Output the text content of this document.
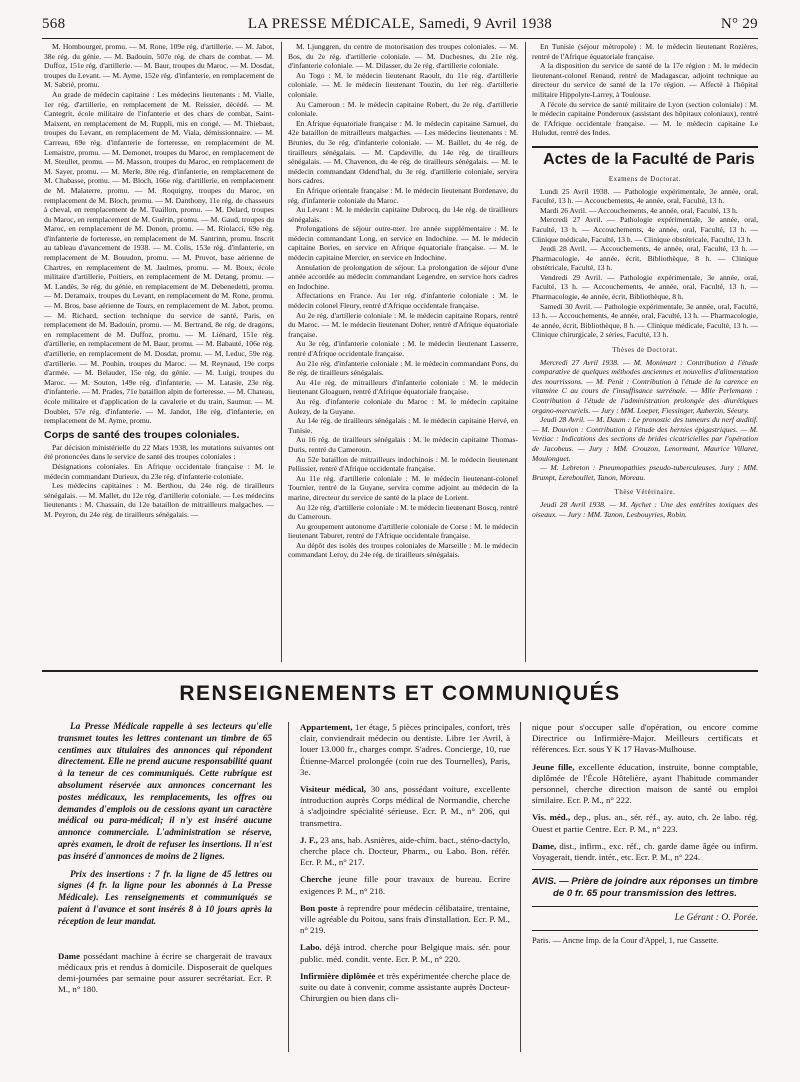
568	LA PRESSE MÉDICALE, Samedi, 9 Avril 1938	N° 29

M. Hombourger, promu. — M. Rone, 109e rég. d'artillerie. — M. Jabot, 38e rég. du génie. — M. Badouin, 507e rég. de chars de combat. — M. Duffoz, 151e rég. d'artillerie. — M. Baur, troupes du Maroc. — M. Dosdat, troupes du Levant. — M. Ayme, 152e rég. d'infanterie, en remplacement de M. Sabrié, promu.

Au grade de médecin capitaine : Les médecins lieutenants : M. Vialle, 1er rég. d'artillerie, en remplacement de M. Reissier, décédé. — M. Cantegrit, école militaire de l'infanterie et des chars de combat, Saint-Maixent, en remplacement de M. Ruppli, mis en congé. — M. Thiebaut, troupes du Levant, en remplacement de M. Viala, démissionnaire. — M. Carreau, 69e rég. d'infanterie de forteresse, en remplacement de M. Lemaistre, promu. — M. Demonet, troupes du Maroc, en remplacement de M. Steullet, promu. — M. Masson, troupes du Maroc, en remplacement de M. Sayer, promu. — M. Merle, 80e rég. d'infanterie, en remplacement de M. Chabasse, promu. — M. Bloch, 166e rég. d'artillerie, en remplacement de M. Malaterre, promu. — M. Roquigny, troupes du Maroc, en remplacement de M. Bloch, promu. — M. Danthony, 11e rég. de chasseurs à cheval, en remplacement de M. Tuaillon, promu. — M. Delard, troupes du Maroc, en remplacement de M. Guérin, promu. — M. Gaud, troupes du Maroc, en remplacement de M. Donon, promu. — M. Riolacci, 69e rég. d'infanterie de forteresse, en remplacement de M. Santrinn, promu. Inscrit au tableau d'avancement de 1938. — M. Colis, 153e rég. d'infanterie, en remplacement de M. Bouudon, promu. — M. Pruvot, base aérienne de Chartres, en remplacement de M. Jaulmes, promu. — M. Boux, école militaire d'artillerie, Poitiers, en remplacement de M. Detang, promu. — M. Landès, 3e rég. du génie, en remplacement de M. Debenedetti, promu. — M. Deramaix, troupes du Levant, en remplacement de M. Rone, promu. — M. Bros, base aérienne de Tours, en remplacement de M. Jabot, promu. — M. Richard, section technique du service de santé, Paris, en remplacement de M. Badouin, promu. — M. Bertrand, 8e rég. de dragons, en remplacement de M. Duffoz, promu. — M. Liénard, 151e rég. d'artillerie, en remplacement de M. Baur, promu. — M. Babauté, 106e rég. d'artillerie, en remplacement de M. Dosdat, promu. — M. Leduc, 59e rég. d'artillerie. — M. Pouhin, troupes du Maroc. — M. Reynaud, 19e corps d'armée. — M. Belauder, 15e rég. du génie. — M. Luigi, troupes du Maroc. — M. Souton, 149e rég. d'infanterie. — M. Latasie, 23e rég. d'infanterie. — M. Prades, 71e bataillon alpin de forteresse. — M. Chateau, école militaire et d'application de la cavalerie et du train, Saumur. — M. Doublet, 57e rég. d'infanterie. — M. Jandot, 18e rég. d'infanterie, en remplacement de M. Ayme, promu.

Corps de santé des troupes coloniales.

Par décision ministérielle du 22 Mars 1938, les mutations suivantes ont été prononcées dans le service de santé des troupes coloniales :

Désignations coloniales. En Afrique occidentale française : M. le médecin commandant Durieux, du 23e rég. d'infanterie coloniale.

Les médecins capitaines : M. Berthou, du 24e rég. de tirailleurs sénégalais. — M. Mallet, du 12e rég. d'artillerie coloniale. — Les médecins lieutenants : M. Chassain, du 12e bataillon de mitrailleurs malgaches. — M. Peyron, du 24e rég. de tirailleurs sénégalais. —

M. Ljunggren, du centre de motorisation des troupes coloniales. — M. Bos, du 2e rég. d'artillerie coloniale. — M. Duchesnes, du 21e rég. d'infanterie coloniale. — M. Dilasser, du 2e rég. d'artillerie coloniale.

Au Togo : M. le médecin lieutenant Raoult, du 11e rég. d'artillerie coloniale. — M. le médecin lieutenant Touzin, du 1er rég. d'artillerie coloniale.

Au Cameroun : M. le médecin capitaine Robert, du 2e rég. d'artillerie coloniale.

En Afrique équatoriale française : M. le médecin capitaine Samuel, du 42e bataillon de mitrailleurs malgaches. — Les médecins lieutenants : M. Brunies, du 3e rég. d'infanterie coloniale. — M. Baillet, du 4e rég. de tirailleurs sénégalais. — M. Capdeville, du 14e rég. de tirailleurs sénégalais. — M. Chavenon, du 4e rég. de tirailleurs sénégalais. — M. le médecin commandant Odend'hal, du 3e rég. d'artillerie coloniale, servira hors cadres.

En Afrique orientale française : M. le médecin lieutenant Bordenave, du rég. d'infanterie coloniale du Maroc.

Au Levant : M. le médecin capitaine Dubrocq, du 14e rég. de tirailleurs sénégalais.

Prolongations de séjour outre-mer. 1re année supplémentaire : M. le médecin commandant Long, en service en Indochine. — M. le médecin capitaine Bories, en service en Afrique équatoriale française. — M. le médecin capitaine Mercier, en service en Indochine.

Annulation de prolongation de séjour. La prolongation de séjour d'une année accordée au médecin commandant Legendre, en service hors cadres en Indochine.

Affectations en France. Au 1er rég. d'infanterie coloniale : M. le médecin colonel Fleury, rentré d'Afrique occidentale française.

Au 2e rég. d'artillerie coloniale : M. le médecin capitaine Ropars, rentré du Maroc. — M. le médecin lieutenant Doher, rentré d'Afrique équatoriale française.

Au 3e rég. d'infanterie coloniale : M. le médecin lieutenant Lasserre, rentré d'Afrique occidentale française.

Au 21e rég. d'infanterie coloniale : M. le médecin commandant Pons, du 8e rég. de tirailleurs sénégalais.

Au 41e rég. de mitrailleurs d'infanterie coloniale : M. le médecin lieutenant Gloaguen, rentré d'Afrique équatoriale française.

Au rég. d'infanterie coloniale du Maroc : M. le médecin capitaine Aulezy, de la Guyane.

Au 14e rég. de tirailleurs sénégalais : M. le médecin capitaine Hervé, en Tunisie.

Au 16 rég. de tirailleurs sénégalais : M. le médecin capitaine Thomas-Duris, rentré du Cameroun.

Au 52e bataillon de mitrailleurs indochinois : M. le médecin lieutenant Pellissier, rentré d'Afrique occidentale française.

Au 11e rég. d'artillerie coloniale : M. le médecin lieutenant-colonel Tournier, rentré de la Guyane, servira comme adjoint au médecin de la marine, directeur du service de santé de la place de Lorient.

Au 12e rég. d'artillerie coloniale : M. le médecin lieutenant Boscq, rentré du Cameroun.

Au groupement autonome d'artillerie coloniale de Corse : M. le médecin lieutenant Taburet, rentré de l'Afrique occidentale française.

Au dépôt des isolés des troupes coloniales de Marseille : M. le médecin commandant Leroy, du 24e rég. de tirailleurs sénégalais.

En Tunisie (séjour métropole) : M. le médecin lieutenant Rozières, rentré de l'Afrique équatoriale française.

A la disposition du service de santé de la 17e région : M. le médecin lieutenant-colonel Renaud, rentré de Madagascar, adjoint technique au directeur du service de santé de la 17e région. — Affecté à l'hôpital militaire Hippolyte-Larrey, à Toulouse.

A l'école du service de santé militaire de Lyon (section coloniale) : M. le médecin capitaine Ponderoux (assistant des hôpitaux coloniaux), rentré de l'Afrique occidentale française. — M. le médecin capitaine Le Huludut, rentré des Indes.

Actes de la Faculté de Paris

Examens de Doctorat.

Lundi 25 Avril 1938. — Pathologie expérimentale, 3e année, oral, Faculté, 13 h. — Accouchements, 4e année, oral, Faculté, 13 h.

Mardi 26 Avril. — Accouchements, 4e année, oral, Faculté, 13 h.

Mercredi 27 Avril. — Pathologie expérimentale, 3e année, oral, Faculté, 13 h. — Accouchements, 4e année, oral, Faculté, 13 h. — Clinique médicale, Faculté, 13 h. — Clinique obstétricale, Faculté, 13 h.

Jeudi 28 Avril. — Accouchements, 4e année, oral, Faculté, 13 h. — Pharmacologie, 4e année, écrit, Bibliothèque, 8 h. — Clinique obstétricale, Faculté, 13 h.

Vendredi 29 Avril. — Pathologie expérimentale, 3e année, oral, Faculté, 13 h. — Accouchements, 4e année, oral, Faculté, 13 h. — Pharmacologie, 4e année, écrit, Bibliothèque, 8 h.

Samedi 30 Avril. — Pathologie expérimentale, 3e année, oral, Faculté, 13 h. — Accouchements, 4e année, oral, Faculté, 13 h. — Pharmacologie, 4e année, écrit, Bibliothèque, 8 h. — Clinique médicale, Faculté, 13 h. — Clinique chirurgicale, 2 séries, Faculté, 13 h.

Thèses de Doctorat.

Mercredi 27 Avril 1938. — M. Monimart : Contribution à l'étude comparative de quelques méthodes anciennes et nouvelles d'alimentation des nourrissons. — M. Penit : Contribution à l'étude de la carence en vitamine C au cours de l'insuffisance surrénale. — Mlle Perlemann : Contribution à l'étude de l'administration prolongée des diurétiques organo-mercuriels. — Jury : MM. Loeper, Fiessinger, Aubertin, Séeury.

Jeudi 28 Avril. — M. Daum : Le pronostic des tumeurs du nerf auditif. — M. Douvion : Contribution à l'étude des hernies épigastriques. — M. Vertiac : Indications des sections de brides cicatricielles par l'opération de Jacobeus. — Jury : MM. Crouzon, Lenormant, Maurice Villaret, Moulonguet.

— M. Lebreton : Pneumopathies pseudo-tuberculeuses. Jury : MM. Brumpt, Lereboullet, Tanon, Moreau.

Thèse Vétérinaire.

Jeudi 28 Avril 1938. — M. Aychet : Une des entérites toxiques des oiseaux. — Jury : MM. Tanon, Lesbouyries, Robin.

RENSEIGNEMENTS ET COMMUNIQUÉS

La Presse Médicale rappelle à ses lecteurs qu'elle transmet toutes les lettres contenant un timbre de 65 centimes aux titulaires des annonces qui répondent directement. Elle ne prend aucune responsabilité quant à la teneur de ces communiqués. Cette rubrique est absolument réservée aux annonces concernant les postes médicaux, les remplacements, les offres ou demandes d'emplois ou de cessions ayant un caractère médical ou para-médical; il n'y est inséré aucune annonce commerciale. L'administration se réserve, après examen, le droit de refuser les insertions. Il n'est pas inséré d'annonces de moins de 2 lignes.

Prix des insertions : 7 fr. la ligne de 45 lettres ou signes (4 fr. la ligne pour les abonnés à La Presse Médicale). Les renseignements et communiqués se paient à l'avance et sont insérés 8 à 10 jours après la réception de leur mandat.

Dame possédant machine à écrire se chargerait de travaux médicaux pris et rendus à domicile. Disposerait de quelques demi-journées par semaine pour assurer secrétariat. Ecr. P. M., n° 180.

Appartement, 1er étage, 5 pièces principales, confort, très clair, conviendrait médecin ou dentiste. Libre 1er Avril, à louer 13.000 fr., charges compr. S'adres. Concierge, 10, rue Étienne-Marcel prolongée (coin rue des Tournelles), Paris, 3e.

Visiteur médical, 30 ans, possédant voiture, excellente introduction auprès Corps médical de Normandie, cherche à s'adjoindre spécialité sérieuse. Ecr. P. M., n° 206, qui transmettra.

J. F., 23 ans, hab. Asnières, aide-chim. bact., sténo-dactylo, cherche place ch. Docteur, Pharm., ou Labo. Bon. référ. Ecr. P. M., n° 217.

Cherche jeune fille pour travaux de bureau. Ecrire exigences P. M., n° 218.

Bon poste à reprendre pour médecin célibataire, trentaine, ville agréable du Poitou, sans frais d'installation. Ecr. P. M., n° 219.

Labo. déjà introd. cherche pour Belgique mais. sér. pour public. méd. condit. vente. Ecr. P. M., n° 220.

Infirmière diplômée et très expérimentée cherche place de suite ou date à convenir, comme assistante auprès Docteur-Chirurgien ou bien dans cli-

nique pour s'occuper salle d'opération, ou encore comme Directrice ou Infirmière-Major. Meilleurs certificats et références. Ecr. sous Y K 17 Havas-Mulhouse.

Jeune fille, excellente éducation, instruite, bonne comptable, diplômée de l'École Hôtelière, ayant l'habitude commander personnel, cherche direction maison de santé ou emploi similaire. Ecr. P. M., n° 222.

Vis. méd., dep., plus. an., sér. réf., ay. auto, ch. 2e labo. rég. Ouest et partie Centre. Ecr. P. M., n° 223.

Dame, dist., infirm., exc. réf., ch. garde dame âgée ou infirm. Voyagerait, tiendr. intér., etc. Ecr. P. M., n° 224.

AVIS. — Prière de joindre aux réponses un timbre de 0 fr. 65 pour transmission des lettres.

Le Gérant : O. Porée.

Paris. — Ancne Imp. de la Cour d'Appel, 1, rue Cassette.
